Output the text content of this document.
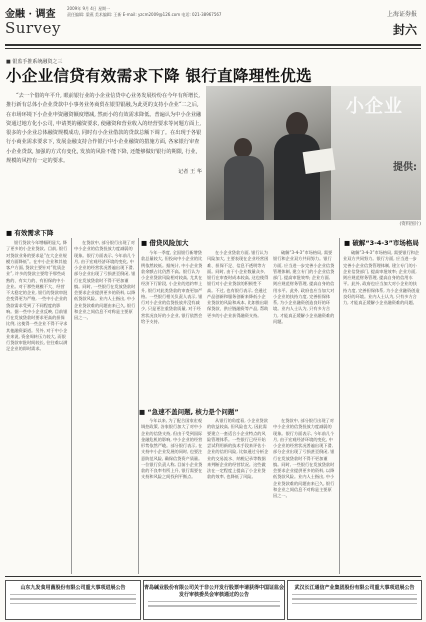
金融 · 调查
Survey
2009年 9月 4日 星期一
责任编辑: 梁燕 美术编辑: 王新 E-mail: yzcm2009@126.com 电话: 021-38967567	上海证券报
封六
■ 银监手推系统融资之三
小企业信贷有效需求下降 银行直降理性优选
“去一个借的年平升, 眼前银行业的小企业信贷中心业务发展纷纷在今年有所增长, 推行新有总体小企业贷款中小事务业务商贸在银里银融,为此更的支持小企业“二之后, 在市场环境下小企业申资融资额度增减, 然而小的有效需求降低。普遍认为中小企业融资通过地方化小公司, 申请类的融资要求, 使融资和营业收入的经营要求等问题方面上, 很多的小企业总体融资规模成功, 同时有小企业借款的贷款总额下调了。在出现于各银行小商业需求要求下, 发展金融支持合作银行中小企业融资的措施方面, 各家银行审查小企业贷款, 加强的方式有变化, 发放的风险不能下降, 还能够做好银行的期限, 行业, 规模的风控有一定的要求。
记者 王 华
小企业
提供:
(资料图片)
■ 有效需求下降

银行贷款今年增幅明显大, 降了更多的小企业贷款。目前, 银行对贷款业务的要求是“在大企业规模方面降低”。在中小企业和其他客户方面, 贷款主要针对“优质企业”, 许多的贷款主要给予那些成熟的、有实力的、有担保的中小企业。对于那些规模不大、经营不太稳定的企业, 银行的贷款审批会变得更为严格, 一些中小企业的贷款需求受到了不同程度的影响。据一些中小企业反映, 目前银行在发放贷款时要求更高的担保比例, 这使得一些企业不得不寻求其他融资渠道。另外, 对于中小企业来说, 资金周转压力较大, 而银行贷款审批时间较长, 往往难以满足企业的即时需求。

在贷款中, 部分银行出现了对中小企业的信贷投放力度减弱的现象。银行方面表示, 今年前几个月, 由于宏观经济环境的变化, 中小企业的经营状况普遍出现下滑, 部分企业出现了亏损甚至倒闭, 银行在发放贷款时不得不更加谨慎。同时, 一些银行在发放贷款时会要求企业提供更多的资料, 以降低贷款风险。业内人士指出, 中小企业贷款难的问题由来已久, 银行和企业之间信息不对称是主要原因之一。

■ 借贷风险加大

今年一季度, 全国银行新增贷款总量较大, 但投向中小企业的比例依然较低。据统计, 中小企业贷款余额占比仍然不高。银行认为小企业贷款风险相对较高, 尤其在经济下行阶段, 小企业的违约率上升, 银行对此类贷款的审查更加严格。一些银行相关负责人表示, 银行对小企业的信贷投放并没有减少, 只是更注重贷款质量, 对于经营状况良好的小企业, 银行依然会给予支持。

在小企业贷款方面, 银行认为风险加大, 主要表现在企业经营困难、担保不足、信息不透明等方面。同时, 由于小企业数量众多, 银行在审查时成本较高, 这也使得银行对小企业贷款的积极性不高。不过, 也有银行表示, 会通过产品创新和服务创新来降低小企业贷款的风险和成本, 比如推出联保贷款、供应链融资等产品, 帮助更多的小企业获得融资支持。

破解“3-4-3”市场格局, 需要银行和企业双方共同努力。银行方面, 应当进一步完善小企业信贷管理体制, 建立专门的小企业信贷部门, 提高审批效率; 企业方面, 则应规范财务管理, 提高自身的信用水平。此外, 政府也应当加大对小企业的扶持力度, 完善担保体系, 为小企业融资创造良好的环境。业内人士认为, 只有多方合力, 才能真正缓解小企业融资难的问题。

■ 破解“3-4-3”市场格局

破解“3-4-3”市场格局, 需要银行和企业双方共同努力。银行方面, 应当进一步完善小企业信贷管理体制, 建立专门的小企业信贷部门, 提高审批效率; 企业方面, 则应规范财务管理, 提高自身的信用水平。此外, 政府也应当加大对小企业的扶持力度, 完善担保体系, 为小企业融资创造良好的环境。业内人士认为, 只有多方合力, 才能真正缓解小企业融资难的问题。

■ “急速不盖问题, 核力是个问题”

今年以来, 为了配合国家宏观调控政策, 各家银行加大了对中小企业的信贷支持, 但由于受到国际金融危机的影响, 中小企业的经营形势依然严峻。部分银行表示, 在支持中小企业发展的同时, 也要注意防范风险, 确保信贷资产质量。一位银行负责人称, 目前小企业贷款的不良率有所上升, 银行需要在支持和风险之间找到平衡点。

从银行的角度看, 小企业贷款的收益较高, 但风险也大, 因此需要建立一套适合小企业特点的风险管理体系。一些银行已经开始尝试利用新的技术手段来评估小企业的信用风险, 比如通过分析企业的交易流水、纳税记录等数据来判断企业的经营状况。这些做法在一定程度上提高了小企业贷款的效率, 也降低了风险。

在贷款中, 部分银行出现了对中小企业的信贷投放力度减弱的现象。银行方面表示, 今年前几个月, 由于宏观经济环境的变化, 中小企业的经营状况普遍出现下滑, 部分企业出现了亏损甚至倒闭, 银行在发放贷款时不得不更加谨慎。同时, 一些银行在发放贷款时会要求企业提供更多的资料, 以降低贷款风险。业内人士指出, 中小企业贷款难的问题由来已久, 银行和企业之间信息不对称是主要原因之一。

山东九发食用菌股份有限公司重大事项进展公告	青岛碱业股份有限公司关于非公开发行股票申请获得中国证监会发行审核委员会审核通过的公告
武汉长江通信产业集团股份有限公司重大事项进展公告
